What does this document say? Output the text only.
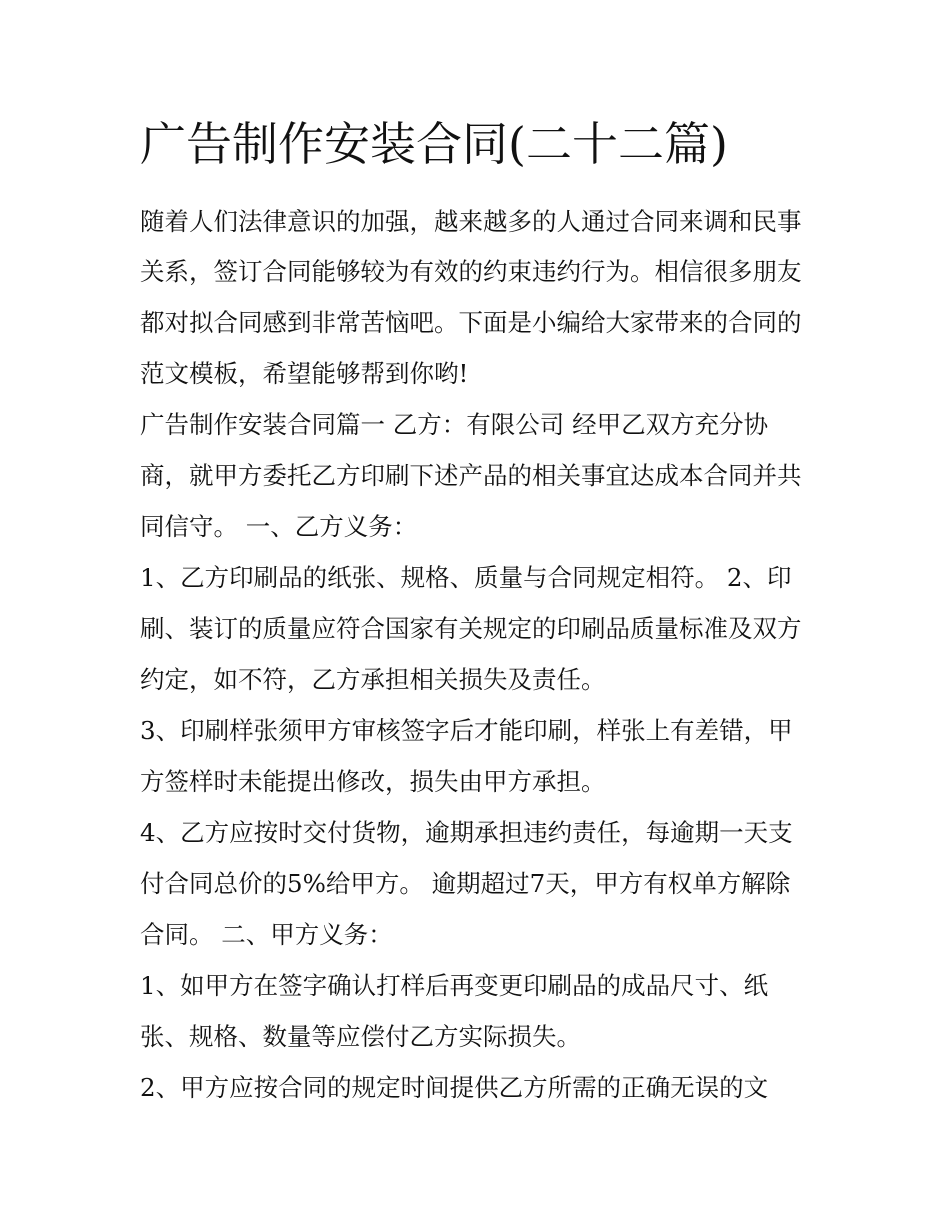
广告制作安装合同(二十二篇)
随着人们法律意识的加强，越来越多的人通过合同来调和民事
关系，签订合同能够较为有效的约束违约行为。相信很多朋友
都对拟合同感到非常苦恼吧。下面是小编给大家带来的合同的
范文模板，希望能够帮到你哟!
广告制作安装合同篇一 乙方：有限公司 经甲乙双方充分协
商，就甲方委托乙方印刷下述产品的相关事宜达成本合同并共
同信守。 一、乙方义务：
1、乙方印刷品的纸张、规格、质量与合同规定相符。 2、印
刷、装订的质量应符合国家有关规定的印刷品质量标准及双方
约定，如不符，乙方承担相关损失及责任。
3、印刷样张须甲方审核签字后才能印刷，样张上有差错，甲
方签样时未能提出修改，损失由甲方承担。
4、乙方应按时交付货物，逾期承担违约责任，每逾期一天支
付合同总价的5%给甲方。 逾期超过7天，甲方有权单方解除
合同。 二、甲方义务：
1、如甲方在签字确认打样后再变更印刷品的成品尺寸、纸
张、规格、数量等应偿付乙方实际损失。
2、甲方应按合同的规定时间提供乙方所需的正确无误的文
